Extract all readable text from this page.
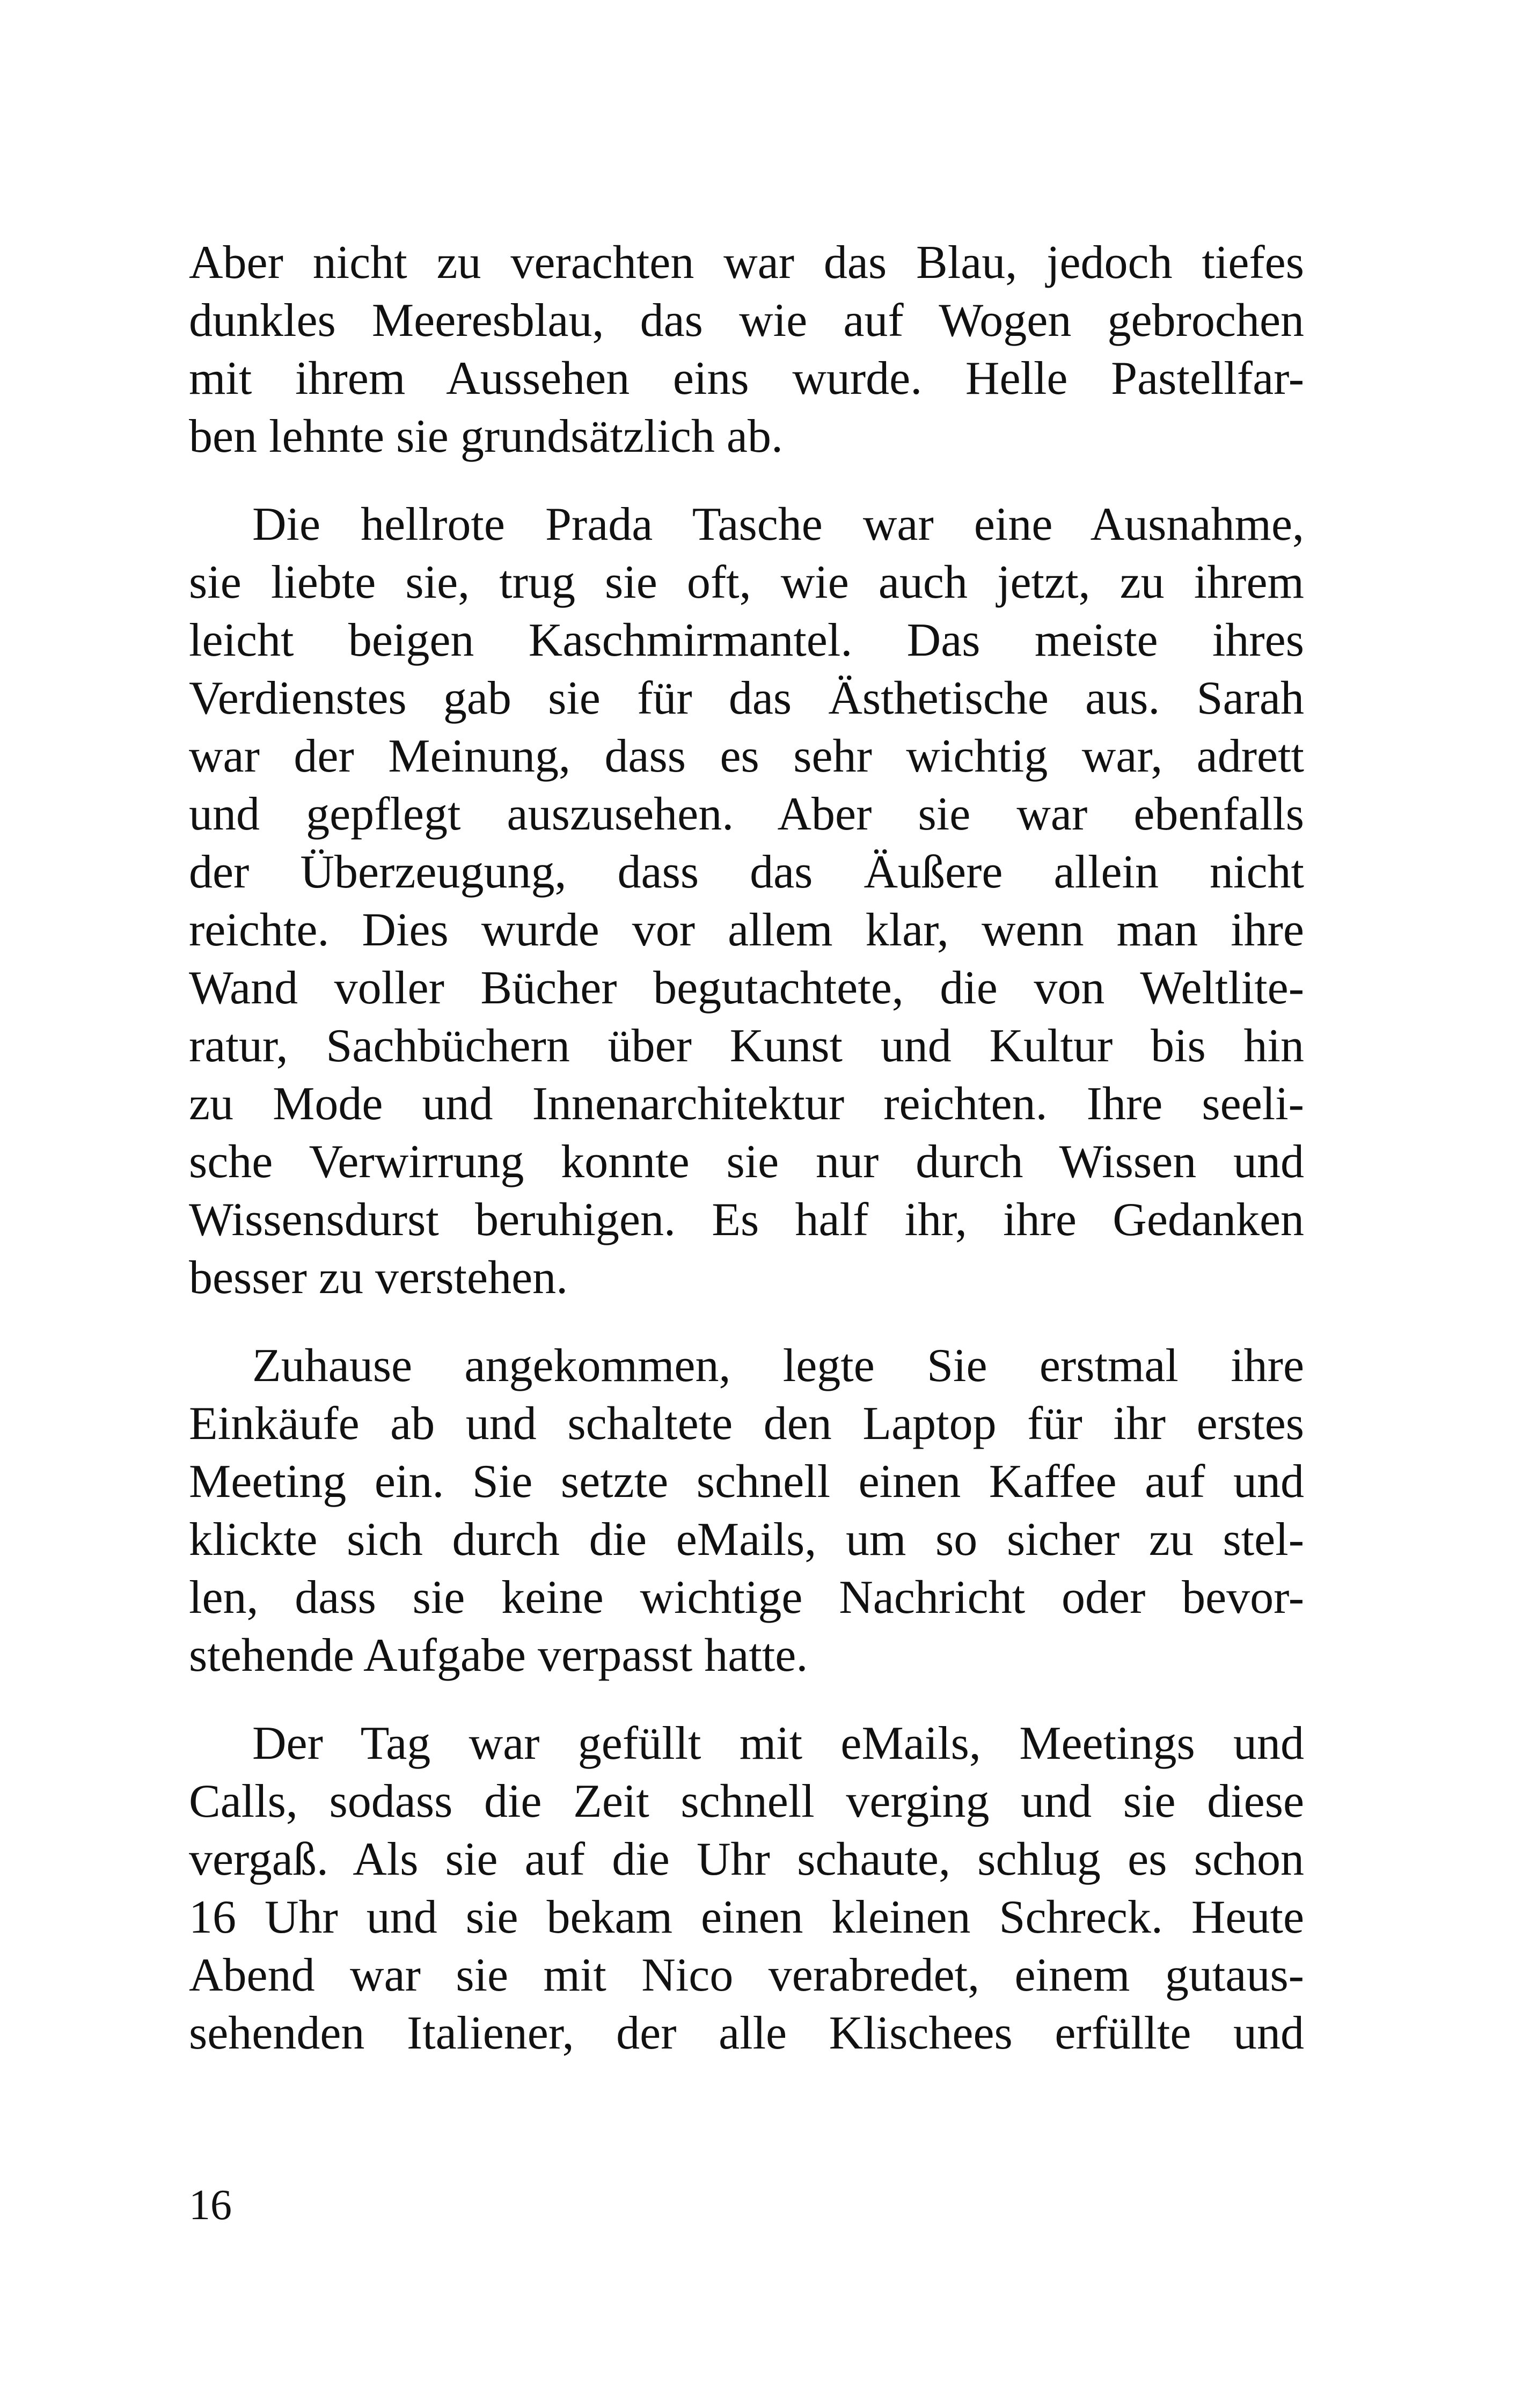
Aber nicht zu verachten war das Blau, jedoch tiefes
dunkles Meeresblau, das wie auf Wogen gebrochen
mit ihrem Aussehen eins wurde. Helle Pastellfar-
ben lehnte sie grundsätzlich ab.
Die hellrote Prada Tasche war eine Ausnahme,
sie liebte sie, trug sie oft, wie auch jetzt, zu ihrem
leicht beigen Kaschmirmantel. Das meiste ihres
Verdienstes gab sie für das Ästhetische aus. Sarah
war der Meinung, dass es sehr wichtig war, adrett
und gepflegt auszusehen. Aber sie war ebenfalls
der Überzeugung, dass das Äußere allein nicht
reichte. Dies wurde vor allem klar, wenn man ihre
Wand voller Bücher begutachtete, die von Weltlite-
ratur, Sachbüchern über Kunst und Kultur bis hin
zu Mode und Innenarchitektur reichten. Ihre seeli-
sche Verwirrung konnte sie nur durch Wissen und
Wissensdurst beruhigen. Es half ihr, ihre Gedanken
besser zu verstehen.
Zuhause angekommen, legte Sie erstmal ihre
Einkäufe ab und schaltete den Laptop für ihr erstes
Meeting ein. Sie setzte schnell einen Kaffee auf und
klickte sich durch die eMails, um so sicher zu stel-
len, dass sie keine wichtige Nachricht oder bevor-
stehende Aufgabe verpasst hatte.
Der Tag war gefüllt mit eMails, Meetings und
Calls, sodass die Zeit schnell verging und sie diese
vergaß. Als sie auf die Uhr schaute, schlug es schon
16 Uhr und sie bekam einen kleinen Schreck. Heute
Abend war sie mit Nico verabredet, einem gutaus-
sehenden Italiener, der alle Klischees erfüllte und
16
